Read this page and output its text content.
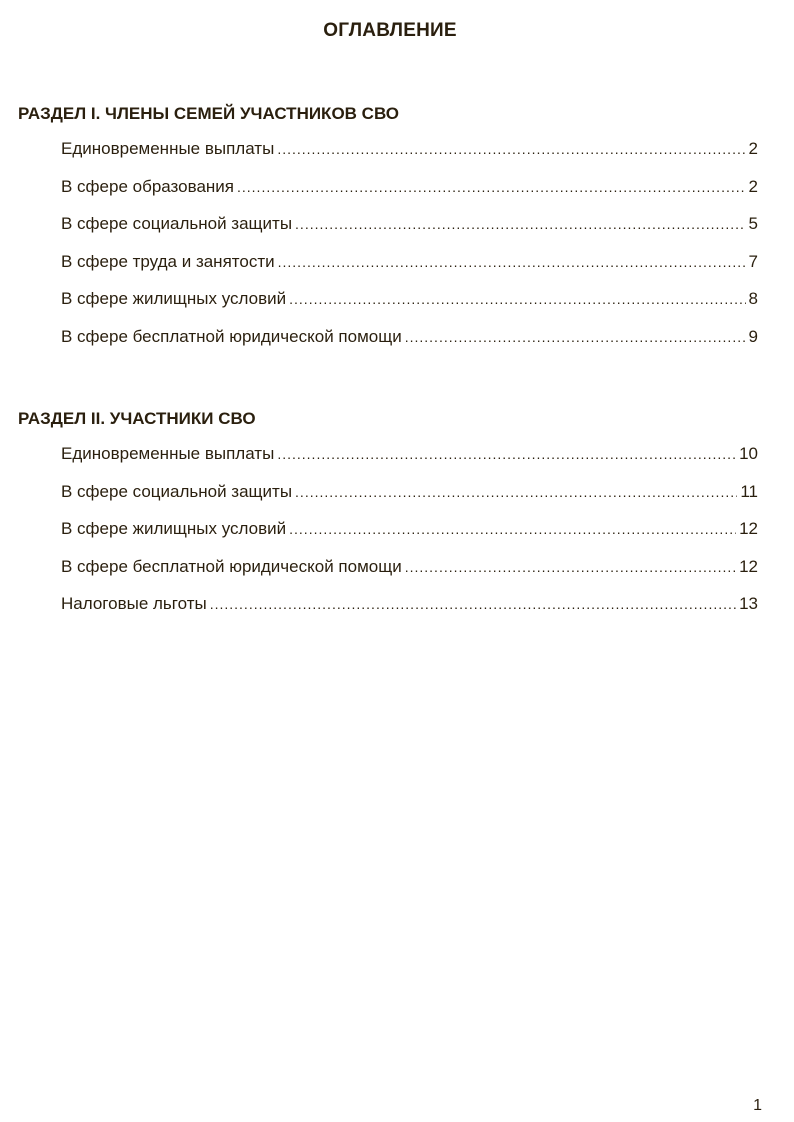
ОГЛАВЛЕНИЕ
РАЗДЕЛ I. ЧЛЕНЫ СЕМЕЙ УЧАСТНИКОВ СВО
Единовременные выплаты .....	2
В сфере образования .....	2
В сфере социальной защиты .....	5
В сфере труда и занятости .....	7
В сфере жилищных условий .....	8
В сфере бесплатной юридической помощи .....	9
РАЗДЕЛ II. УЧАСТНИКИ СВО
Единовременные выплаты .....	10
В сфере социальной защиты .....	11
В сфере жилищных условий .....	12
В сфере бесплатной юридической помощи .....	12
Налоговые льготы .....	13
1
